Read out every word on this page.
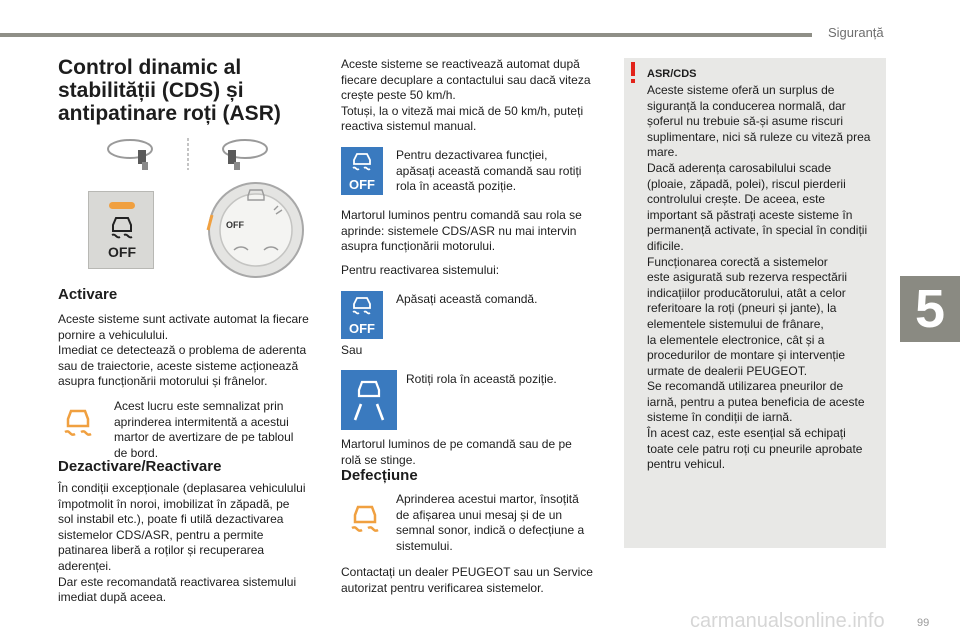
Siguranță
5
Control dinamic al
stabilității (CDS) și
antipatinare roți (ASR)
OFF
OFF
Activare
Aceste sisteme sunt activate automat la fiecare
pornire a vehiculului.
Imediat ce detectează o problema de aderenta
sau de traiectorie, aceste sisteme acționează
asupra funcționării motorului și frânelor.
Acest lucru este semnalizat prin
aprinderea intermitentă a acestui
martor de avertizare de pe tabloul
de bord.
Dezactivare/Reactivare
În condiții excepționale (deplasarea vehiculului
împotmolit în noroi, imobilizat în zăpadă, pe
sol instabil etc.), poate fi utilă dezactivarea
sistemelor CDS/ASR, pentru a permite
patinarea liberă a roților și recuperarea
aderenței.
Dar este recomandată reactivarea sistemului
imediat după aceea.
Aceste sisteme se reactivează automat după
fiecare decuplare a contactului sau dacă viteza
crește peste 50 km/h.
Totuși, la o viteză mai mică de 50 km/h, puteți
reactiva sistemul manual.
OFF
Pentru dezactivarea funcției,
apăsați această comandă sau rotiți
rola în această poziție.
Martorul luminos pentru comandă sau rola se
aprinde: sistemele CDS/ASR nu mai intervin
asupra funcționării motorului.
Pentru reactivarea sistemului:
OFF
Apăsați această comandă.
Sau
Rotiți rola în această poziție.
Martorul luminos de pe comandă sau de pe
rolă se stinge.
Defecțiune
Aprinderea acestui martor, însoțită
de afișarea unui mesaj și de un
semnal sonor, indică o defecțiune a
sistemului.
Contactați un dealer PEUGEOT sau un Service
autorizat pentru verificarea sistemelor.
ASR/CDS
Aceste sisteme oferă un surplus de
siguranță la conducerea normală, dar
șoferul nu trebuie să-și asume riscuri
suplimentare, nici să ruleze cu viteză prea
mare.
Dacă aderența carosabilului scade
(ploaie, zăpadă, polei), riscul pierderii
controlului crește. De aceea, este
important să păstrați aceste sisteme în
permanență activate, în special în condiții
dificile.
Funcționarea corectă a sistemelor
este asigurată sub rezerva respectării
indicațiilor producătorului, atât a celor
referitoare la roți (pneuri și jante), la
elementele sistemului de frânare,
la elementele electronice, cât și a
procedurilor de montare și intervenție
urmate de dealerii PEUGEOT.
Se recomandă utilizarea pneurilor de
iarnă, pentru a putea beneficia de aceste
sisteme în condiții de iarnă.
În acest caz, este esențial să echipați
toate cele patru roți cu pneurile aprobate
pentru vehicul.
carmanualsonline.info	99
